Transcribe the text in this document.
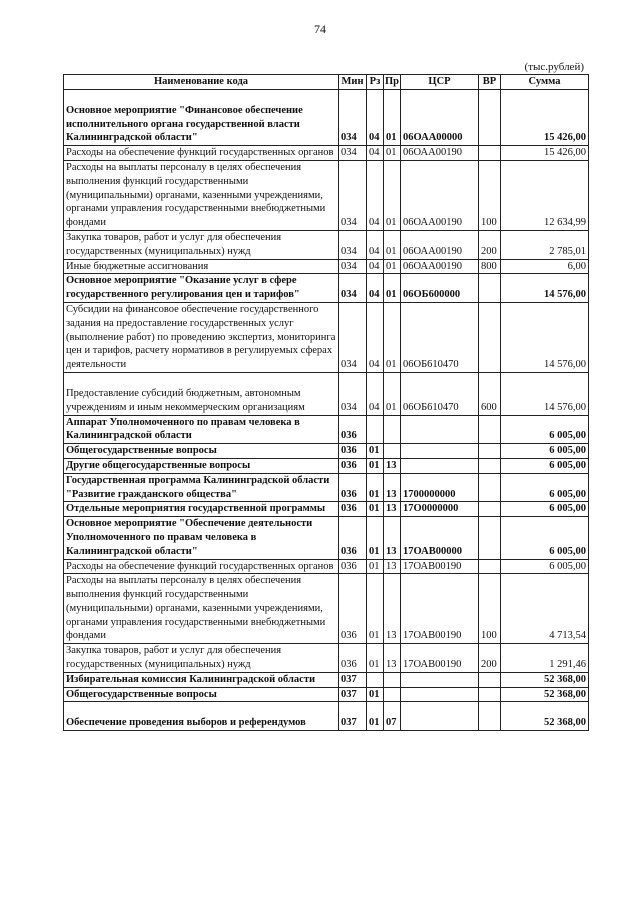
74
(тыс.рублей)
Наименование кода	Мин	Рз	Пр	ЦСР	ВР	Сумма
Основное мероприятие "Финансовое обеспечение исполнительного органа государственной власти Калининградской области"	034	04	01	06ОАА00000		15 426,00
Расходы на обеспечение функций государственных органов	034	04	01	06ОАА00190		15 426,00
Расходы на выплаты персоналу в целях обеспечения выполнения функций государственными (муниципальными) органами, казенными учреждениями, органами управления государственными внебюджетными фондами	034	04	01	06ОАА00190	100	12 634,99
Закупка товаров, работ и услуг для обеспечения государственных (муниципальных) нужд	034	04	01	06ОАА00190	200	2 785,01
Иные бюджетные ассигнования	034	04	01	06ОАА00190	800	6,00
Основное мероприятие "Оказание услуг в сфере государственного регулирования цен и тарифов"	034	04	01	06ОБ600000		14 576,00
Субсидии на финансовое обеспечение государственного задания на предоставление государственных услуг (выполнение работ) по проведению экспертиз, мониторинга цен и тарифов, расчету нормативов в регулируемых сферах деятельности	034	04	01	06ОБ610470		14 576,00
Предоставление субсидий бюджетным, автономным учреждениям и иным некоммерческим организациям	034	04	01	06ОБ610470	600	14 576,00
Аппарат Уполномоченного по правам человека в Калининградской области	036					6 005,00
Общегосударственные вопросы	036	01				6 005,00
Другие общегосударственные вопросы	036	01	13			6 005,00
Государственная программа Калининградской области "Развитие гражданского общества"	036	01	13	1700000000		6 005,00
Отдельные мероприятия государственной программы	036	01	13	17О0000000		6 005,00
Основное мероприятие "Обеспечение деятельности Уполномоченного по правам человека в Калининградской области"	036	01	13	17ОАВ00000		6 005,00
Расходы на обеспечение функций государственных органов	036	01	13	17ОАВ00190		6 005,00
Расходы на выплаты персоналу в целях обеспечения выполнения функций государственными (муниципальными) органами, казенными учреждениями, органами управления государственными внебюджетными фондами	036	01	13	17ОАВ00190	100	4 713,54
Закупка товаров, работ и услуг для обеспечения государственных (муниципальных) нужд	036	01	13	17ОАВ00190	200	1 291,46
Избирательная комиссия Калининградской области	037					52 368,00
Общегосударственные вопросы	037	01				52 368,00
Обеспечение проведения выборов и референдумов	037	01	07			52 368,00
